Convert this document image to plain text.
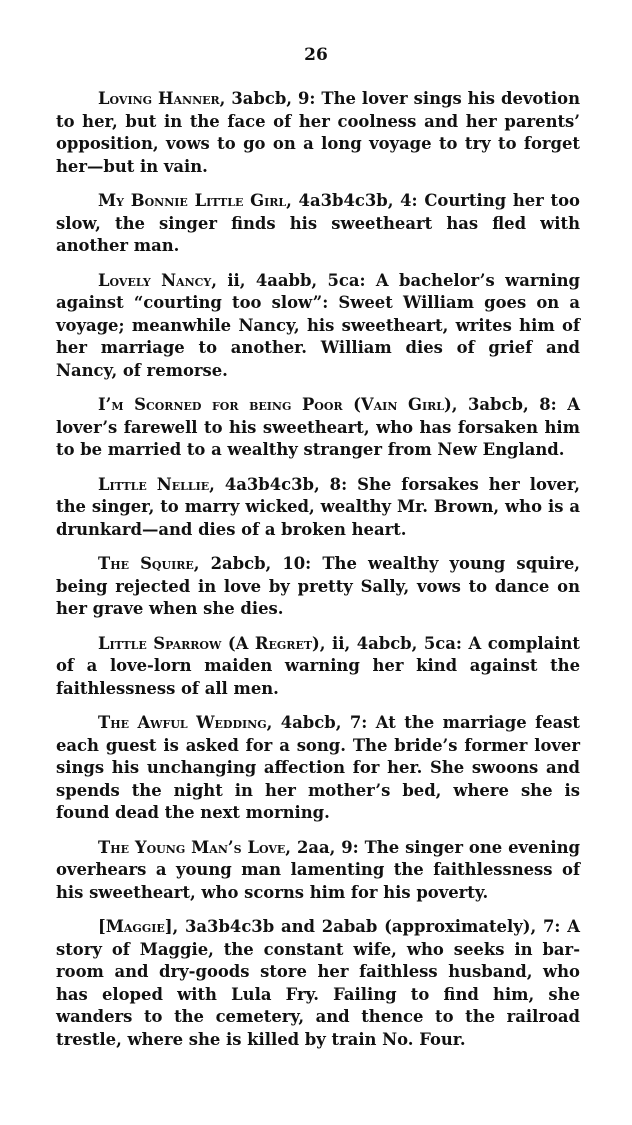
26

Loving Hanner, 3abcb, 9: The lover sings his devotion to her, but in the face of her coolness and her parents’ opposition, vows to go on a long voyage to try to forget her—but in vain.

My Bonnie Little Girl, 4a3b4c3b, 4: Courting her too slow, the singer finds his sweetheart has fled with another man.

Lovely Nancy, ii, 4aabb, 5ca: A bachelor’s warning against “courting too slow”: Sweet William goes on a voyage; meanwhile Nancy, his sweetheart, writes him of her marriage to another. William dies of grief and Nancy, of remorse.

I’m Scorned for being Poor (Vain Girl), 3abcb, 8: A lover’s farewell to his sweetheart, who has forsaken him to be married to a wealthy stranger from New England.

Little Nellie, 4a3b4c3b, 8: She forsakes her lover, the singer, to marry wicked, wealthy Mr. Brown, who is a drunkard—and dies of a broken heart.

The Squire, 2abcb, 10: The wealthy young squire, being rejected in love by pretty Sally, vows to dance on her grave when she dies.

Little Sparrow (A Regret), ii, 4abcb, 5ca: A complaint of a love-lorn maiden warning her kind against the faithlessness of all men.

The Awful Wedding, 4abcb, 7: At the marriage feast each guest is asked for a song. The bride’s former lover sings his unchanging affection for her. She swoons and spends the night in her mother’s bed, where she is found dead the next morning.

The Young Man’s Love, 2aa, 9: The singer one evening overhears a young man lamenting the faithlessness of his sweetheart, who scorns him for his poverty.

[Maggie], 3a3b4c3b and 2abab (approximately), 7: A story of Maggie, the constant wife, who seeks in bar-room and dry-goods store her faithless husband, who has eloped with Lula Fry. Failing to find him, she wanders to the cemetery, and thence to the railroad trestle, where she is killed by train No. Four.
